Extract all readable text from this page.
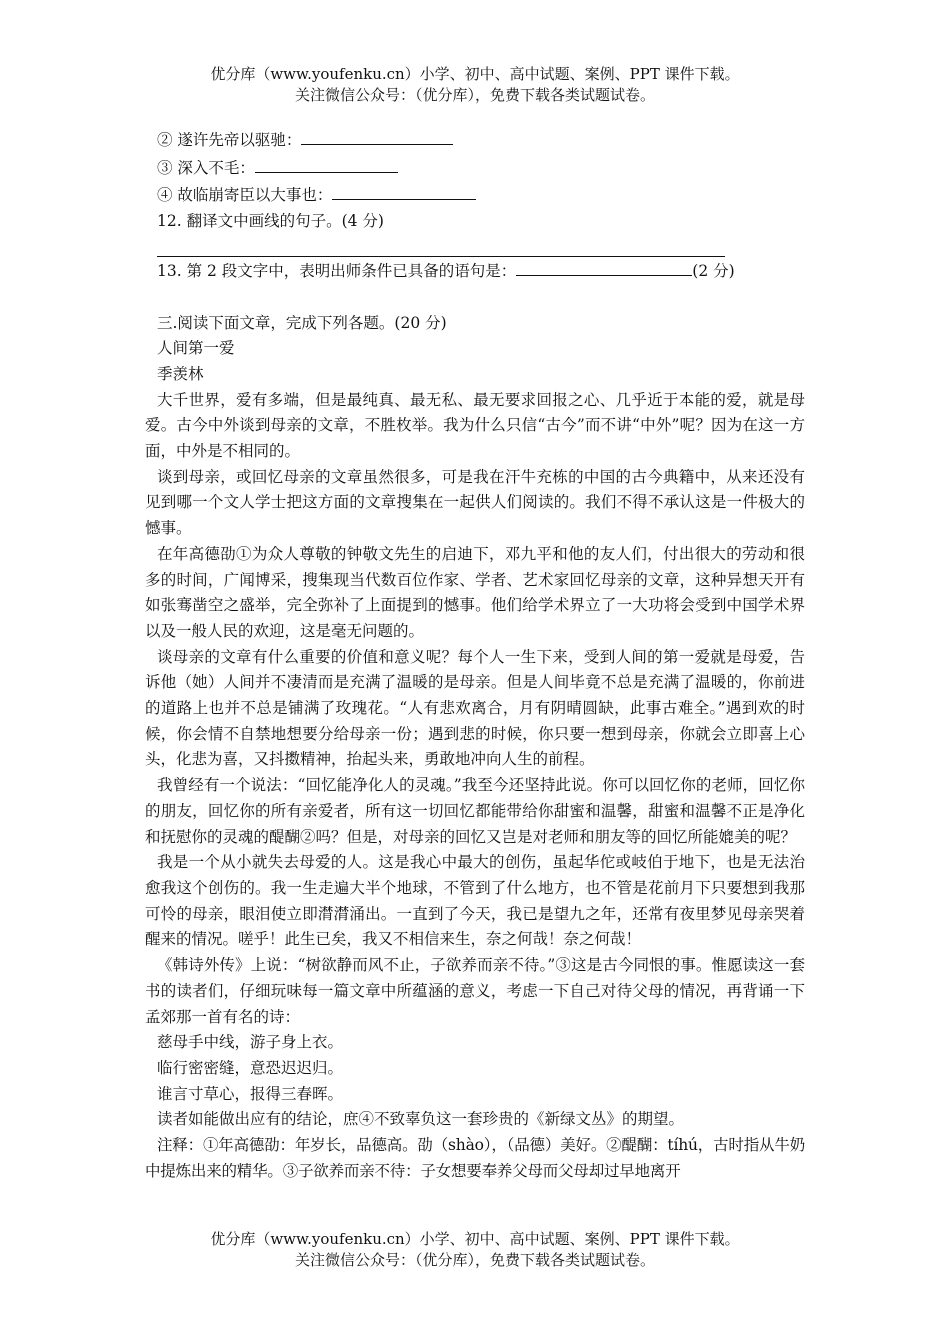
优分库（www.youfenku.cn）小学、初中、高中试题、案例、PPT 课件下载。
关注微信公众号：（优分库），免费下载各类试题试卷。
② 遂许先帝以驱驰：
③ 深入不毛：
④ 故临崩寄臣以大事也：
12. 翻译文中画线的句子。(4 分)
13. 第 2 段文字中，表明出师条件已具备的语句是：	(2 分)
三.阅读下面文章，完成下列各题。(20 分)
人间第一爱
季羡林
大千世界，爱有多端，但是最纯真、最无私、最无要求回报之心、几乎近于本能的爱，就是母爱。古今中外谈到母亲的文章，不胜枚举。我为什么只信“古今”而不讲“中外”呢？因为在这一方面，中外是不相同的。
谈到母亲，或回忆母亲的文章虽然很多，可是我在汗牛充栋的中国的古今典籍中，从来还没有见到哪一个文人学士把这方面的文章搜集在一起供人们阅读的。我们不得不承认这是一件极大的憾事。
在年高德劭①为众人尊敬的钟敬文先生的启迪下，邓九平和他的友人们，付出很大的劳动和很多的时间，广闻博采，搜集现当代数百位作家、学者、艺术家回忆母亲的文章，这种异想天开有如张骞凿空之盛举，完全弥补了上面提到的憾事。他们给学术界立了一大功将会受到中国学术界以及一般人民的欢迎，这是毫无问题的。
谈母亲的文章有什么重要的价值和意义呢？每个人一生下来，受到人间的第一爱就是母爱，告诉他（她）人间并不凄清而是充满了温暖的是母亲。但是人间毕竟不总是充满了温暖的，你前进的道路上也并不总是铺满了玫瑰花。“人有悲欢离合，月有阴晴圆缺，此事古难全。”遇到欢的时候，你会情不自禁地想要分给母亲一份；遇到悲的时候，你只要一想到母亲，你就会立即喜上心头，化悲为喜，又抖擞精神，抬起头来，勇敢地冲向人生的前程。
我曾经有一个说法：“回忆能净化人的灵魂。”我至今还坚持此说。你可以回忆你的老师，回忆你的朋友，回忆你的所有亲爱者，所有这一切回忆都能带给你甜蜜和温馨，甜蜜和温馨不正是净化和抚慰你的灵魂的醍醐②吗？但是，对母亲的回忆又岂是对老师和朋友等的回忆所能媲美的呢？
我是一个从小就失去母爱的人。这是我心中最大的创伤，虽起华佗或岐伯于地下，也是无法治愈我这个创伤的。我一生走遍大半个地球，不管到了什么地方，也不管是花前月下只要想到我那可怜的母亲，眼泪使立即潸潸涌出。一直到了今天，我已是望九之年，还常有夜里梦见母亲哭着醒来的情况。嗟乎！此生已矣，我又不相信来生，奈之何哉！奈之何哉！
《韩诗外传》上说：“树欲静而风不止，子欲养而亲不待。”③这是古今同恨的事。惟愿读这一套书的读者们，仔细玩味每一篇文章中所蕴涵的意义，考虑一下自己对待父母的情况，再背诵一下孟郊那一首有名的诗：
慈母手中线，游子身上衣。
临行密密缝，意恐迟迟归。
谁言寸草心，报得三春晖。
读者如能做出应有的结论，庶④不致辜负这一套珍贵的《新绿文丛》的期望。
注释：①年高德劭：年岁长，品德高。劭（shào），（品德）美好。②醍醐：tíhú，古时指从牛奶中提炼出来的精华。③子欲养而亲不待：子女想要奉养父母而父母却过早地离开
优分库（www.youfenku.cn）小学、初中、高中试题、案例、PPT 课件下载。
关注微信公众号：（优分库），免费下载各类试题试卷。
